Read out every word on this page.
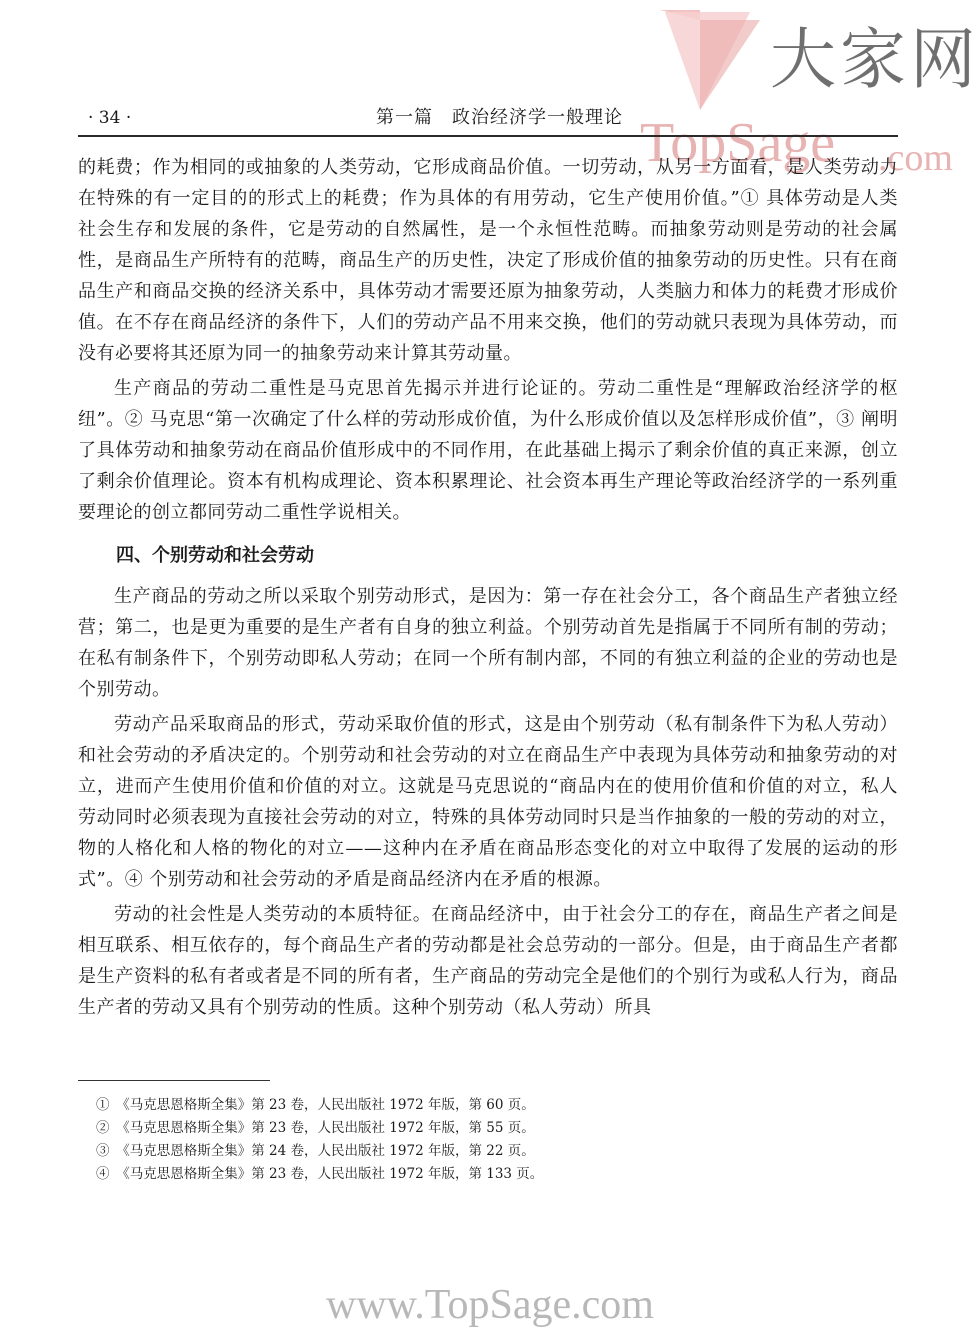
大家网
TopSage .com
· 34 ·	第一篇　政治经济学一般理论

的耗费；作为相同的或抽象的人类劳动，它形成商品价值。一切劳动，从另一方面看，是人类劳动力在特殊的有一定目的的形式上的耗费；作为具体的有用劳动，它生产使用价值。”① 具体劳动是人类社会生存和发展的条件，它是劳动的自然属性，是一个永恒性范畴。而抽象劳动则是劳动的社会属性，是商品生产所特有的范畴，商品生产的历史性，决定了形成价值的抽象劳动的历史性。只有在商品生产和商品交换的经济关系中，具体劳动才需要还原为抽象劳动，人类脑力和体力的耗费才形成价值。在不存在商品经济的条件下，人们的劳动产品不用来交换，他们的劳动就只表现为具体劳动，而没有必要将其还原为同一的抽象劳动来计算其劳动量。

生产商品的劳动二重性是马克思首先揭示并进行论证的。劳动二重性是“理解政治经济学的枢纽”。② 马克思“第一次确定了什么样的劳动形成价值，为什么形成价值以及怎样形成价值”，③ 阐明了具体劳动和抽象劳动在商品价值形成中的不同作用，在此基础上揭示了剩余价值的真正来源，创立了剩余价值理论。资本有机构成理论、资本积累理论、社会资本再生产理论等政治经济学的一系列重要理论的创立都同劳动二重性学说相关。

四、个别劳动和社会劳动

生产商品的劳动之所以采取个别劳动形式，是因为：第一存在社会分工，各个商品生产者独立经营；第二，也是更为重要的是生产者有自身的独立利益。个别劳动首先是指属于不同所有制的劳动；在私有制条件下，个别劳动即私人劳动；在同一个所有制内部，不同的有独立利益的企业的劳动也是个别劳动。

劳动产品采取商品的形式，劳动采取价值的形式，这是由个别劳动（私有制条件下为私人劳动）和社会劳动的矛盾决定的。个别劳动和社会劳动的对立在商品生产中表现为具体劳动和抽象劳动的对立，进而产生使用价值和价值的对立。这就是马克思说的“商品内在的使用价值和价值的对立，私人劳动同时必须表现为直接社会劳动的对立，特殊的具体劳动同时只是当作抽象的一般的劳动的对立，物的人格化和人格的物化的对立——这种内在矛盾在商品形态变化的对立中取得了发展的运动的形式”。④ 个别劳动和社会劳动的矛盾是商品经济内在矛盾的根源。

劳动的社会性是人类劳动的本质特征。在商品经济中，由于社会分工的存在，商品生产者之间是相互联系、相互依存的，每个商品生产者的劳动都是社会总劳动的一部分。但是，由于商品生产者都是生产资料的私有者或者是不同的所有者，生产商品的劳动完全是他们的个别行为或私人行为，商品生产者的劳动又具有个别劳动的性质。这种个别劳动（私人劳动）所具

①　《马克思恩格斯全集》第 23 卷，人民出版社 1972 年版，第 60 页。

②　《马克思恩格斯全集》第 23 卷，人民出版社 1972 年版，第 55 页。

③　《马克思恩格斯全集》第 24 卷，人民出版社 1972 年版，第 22 页。

④　《马克思恩格斯全集》第 23 卷，人民出版社 1972 年版，第 133 页。

www.TopSage.com
